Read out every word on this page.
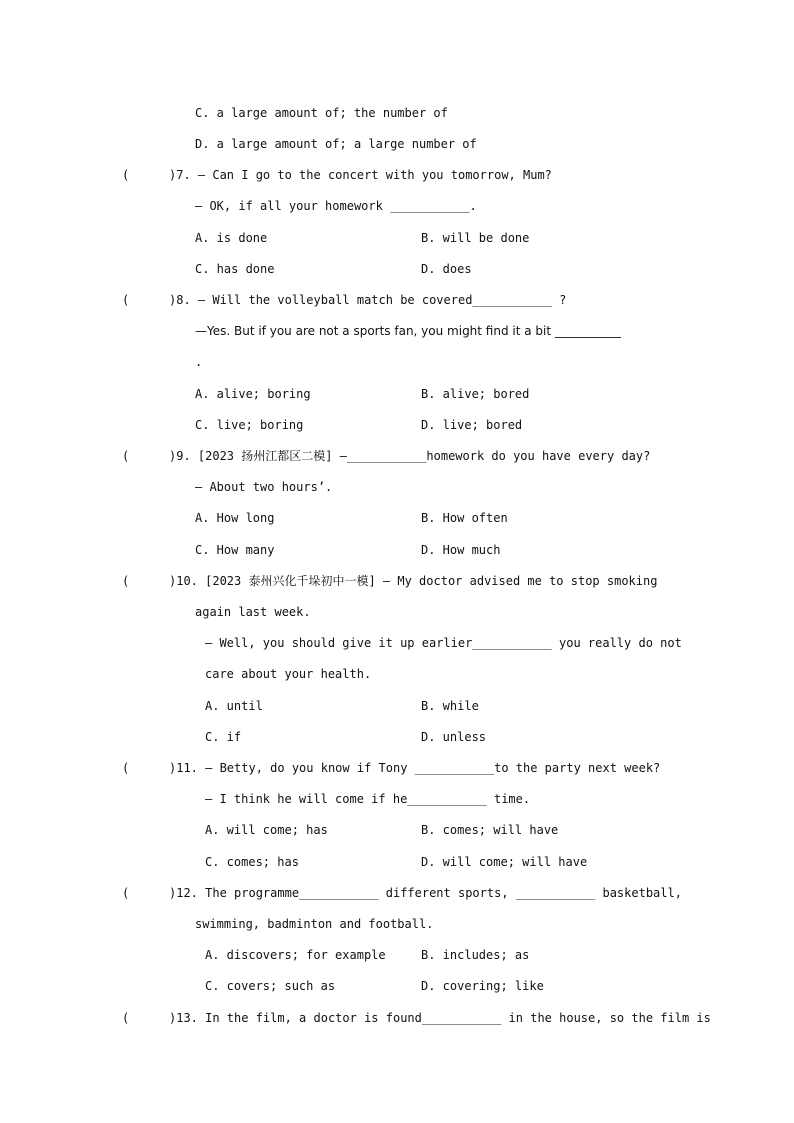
C. a large amount of; the number of
D. a large amount of; a large number of
(	)7. — Can I go to the concert with you tomorrow, Mum?
— OK, if all your homework ___________.
A. is done	B. will be done
C. has done	D. does
(	)8. — Will the volleyball match be covered___________ ?
—Yes. But if you are not a sports fan, you might find it a bit ___________
.
A. alive; boring	B. alive; bored
C. live; boring	D. live; bored
(	)9. [2023 扬州江都区二模] —___________homework do you have every day?
— About two hours’.
A. How long	B. How often
C. How many	D. How much
(	)10. [2023 泰州兴化千垛初中一模] — My doctor advised me to stop smoking
again last week.
— Well, you should give it up earlier___________ you really do not
care about your health.
A. until	B. while
C. if	D. unless
(	)11. — Betty, do you know if Tony ___________to the party next week?
— I think he will come if he___________ time.
A. will come; has	B. comes; will have
C. comes; has	D. will come; will have
(	)12. The programme___________ different sports, ___________ basketball,
swimming, badminton and football.
A. discovers; for example	B. includes; as
C. covers; such as	D. covering; like
(	)13. In the film, a doctor is found___________ in the house, so the film is
